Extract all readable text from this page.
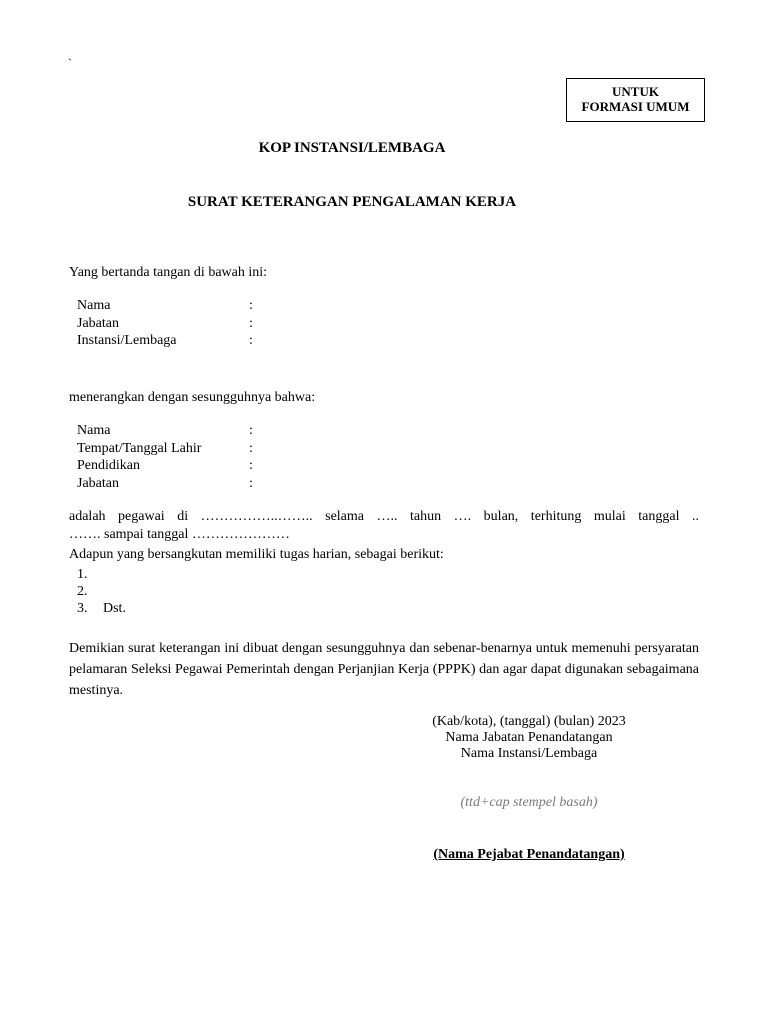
`
UNTUK
FORMASI UMUM
KOP INSTANSI/LEMBAGA
SURAT KETERANGAN PENGALAMAN KERJA
Yang bertanda tangan di bawah ini:
Nama	:
Jabatan	:
Instansi/Lembaga	:
menerangkan dengan sesungguhnya bahwa:
Nama	:
Tempat/Tanggal Lahir	:
Pendidikan	:
Jabatan	:
adalah pegawai di ……………..…….. selama ….. tahun …. bulan, terhitung mulai tanggal ..
……. sampai tanggal …………………
Adapun yang bersangkutan memiliki tugas harian, sebagai berikut:
1.
2.
3.	Dst.
Demikian surat keterangan ini dibuat dengan sesungguhnya dan sebenar-benarnya untuk memenuhi persyaratan pelamaran Seleksi Pegawai Pemerintah dengan Perjanjian Kerja (PPPK) dan agar dapat digunakan sebagaimana mestinya.
(Kab/kota), (tanggal) (bulan) 2023
Nama Jabatan Penandatangan
Nama Instansi/Lembaga
(ttd+cap stempel basah)
(Nama Pejabat Penandatangan)
